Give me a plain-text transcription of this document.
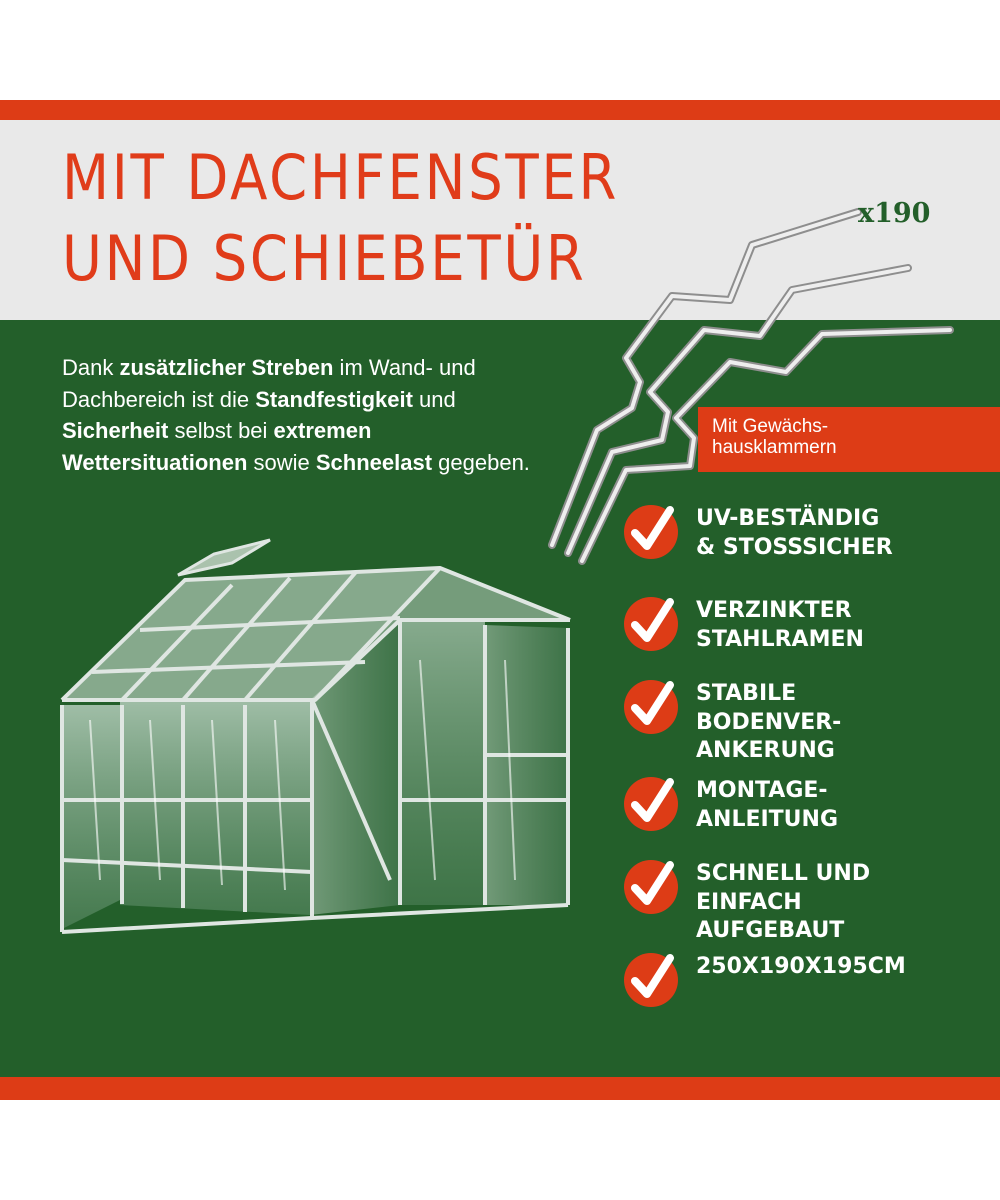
MIT DACHFENSTER
UND SCHIEBETÜR

Dank zusätzlicher Streben im Wand- und Dachbereich ist die Standfestigkeit und Sicherheit selbst bei extremen Wettersituationen sowie Schneelast gegeben.

x190
Mit Gewächs-
hausklammern
UV-BESTÄNDIG
& STOSSSICHER
VERZINKTER
STAHLRAMEN
STABILE
BODENVER-
ANKERUNG
MONTAGE-
ANLEITUNG
SCHNELL UND
EINFACH
AUFGEBAUT
250X190X195CM
